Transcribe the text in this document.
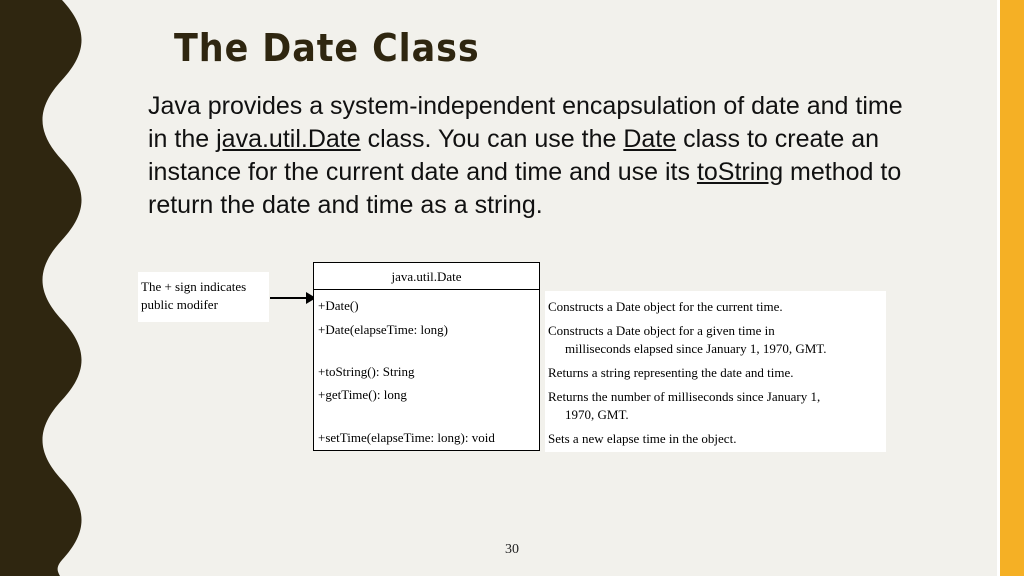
The Date Class

Java provides a system-independent encapsulation of date and time in the java.util.Date class. You can use the Date class to create an instance for the current date and time and use its toString method to return the date and time as a string.

The + sign indicates public modifer
java.util.Date
+Date()
+Date(elapseTime: long)
+toString(): String
+getTime(): long
+setTime(elapseTime: long): void
Constructs a Date object for the current time.
Constructs a Date object for a given time in
milliseconds elapsed since January 1, 1970, GMT.
Returns a string representing the date and time.
Returns the number of milliseconds since January 1,
1970, GMT.
Sets a new elapse time in the object.
30
